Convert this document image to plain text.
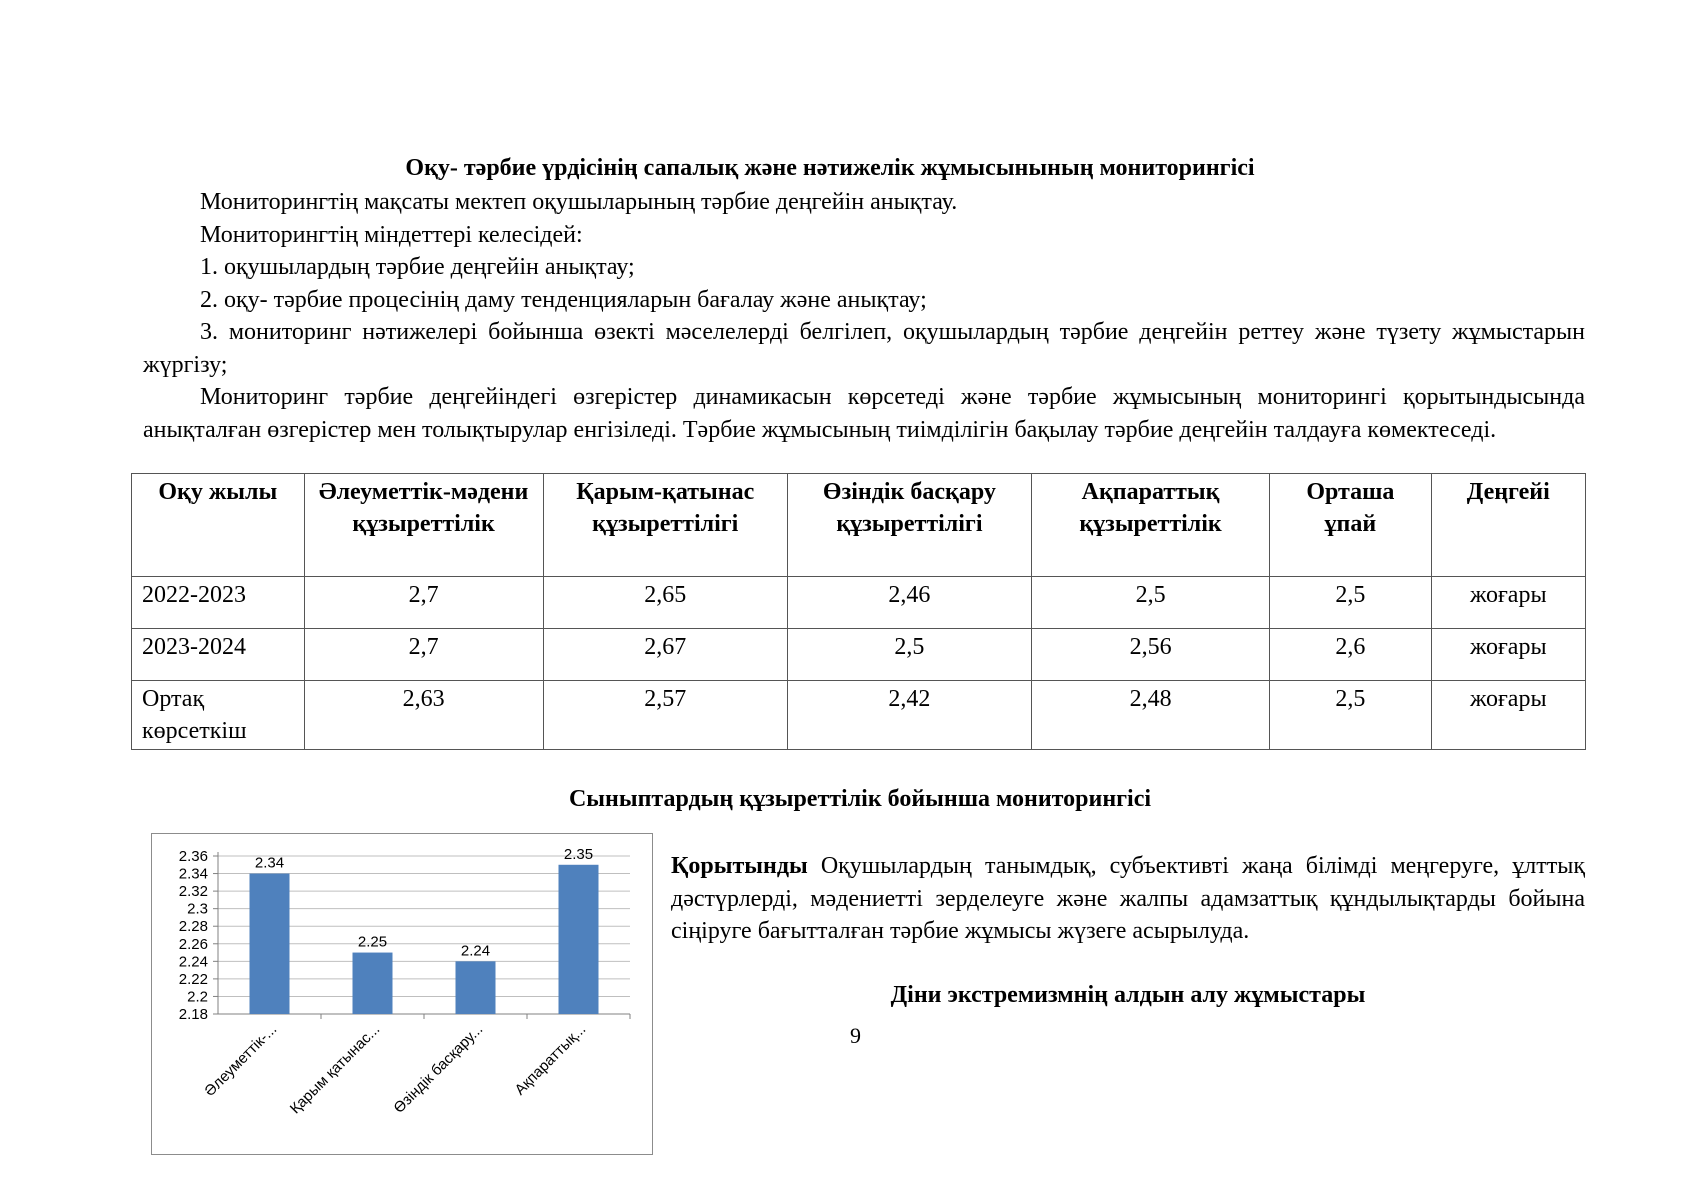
Оқу- тәрбие үрдісінің сапалық және нәтижелік жұмысынының мониторингісі

Мониторингтің мақсаты мектеп оқушыларының тәрбие деңгейін анықтау.

Мониторингтің міндеттері келесідей:

1. оқушылардың тәрбие деңгейін анықтау;

2. оқу- тәрбие процесінің даму тенденцияларын бағалау және анықтау;

3. мониторинг нәтижелері бойынша өзекті мәселелерді белгілеп, оқушылардың тәрбие деңгейін реттеу және түзету жұмыстарын жүргізу;

Мониторинг тәрбие деңгейіндегі өзгерістер динамикасын көрсетеді және тәрбие жұмысының мониторингі қорытындысында анықталған өзгерістер мен толықтырулар енгізіледі. Тәрбие жұмысының тиімділігін бақылау тәрбие деңгейін талдауға көмектеседі.

Оқу жылы	Әлеуметтік-мәдени құзыреттілік	Қарым-қатынас құзыреттілігі	Өзіндік басқару құзыреттілігі	Ақпараттық құзыреттілік	Орташа ұпай	Деңгейі
2022-2023	2,7	2,65	2,46	2,5	2,5	жоғары
2023-2024	2,7	2,67	2,5	2,56	2,6	жоғары
Ортақ көрсеткіш	2,63	2,57	2,42	2,48	2,5	жоғары
Сыныптардың құзыреттілік бойынша мониторингісі
2.36
2.34
2.32
2.3
2.28
2.26
2.24
2.22
2.2
2.18
2.34
Әлеуметтік-...
2.25
Қарым қатынас...
2.24
Өзіндік басқару...
2.35
Ақпараттық...

Қорытынды Оқушылардың танымдық, субъективті жаңа білімді меңгеруге, ұлттық дәстүрлерді, мәдениетті зерделеуге және жалпы адамзаттық құндылықтарды бойына сіңіруге бағытталған тәрбие жұмысы жүзеге асырылуда.

Діни экстремизмнің алдын алу жұмыстары

9
